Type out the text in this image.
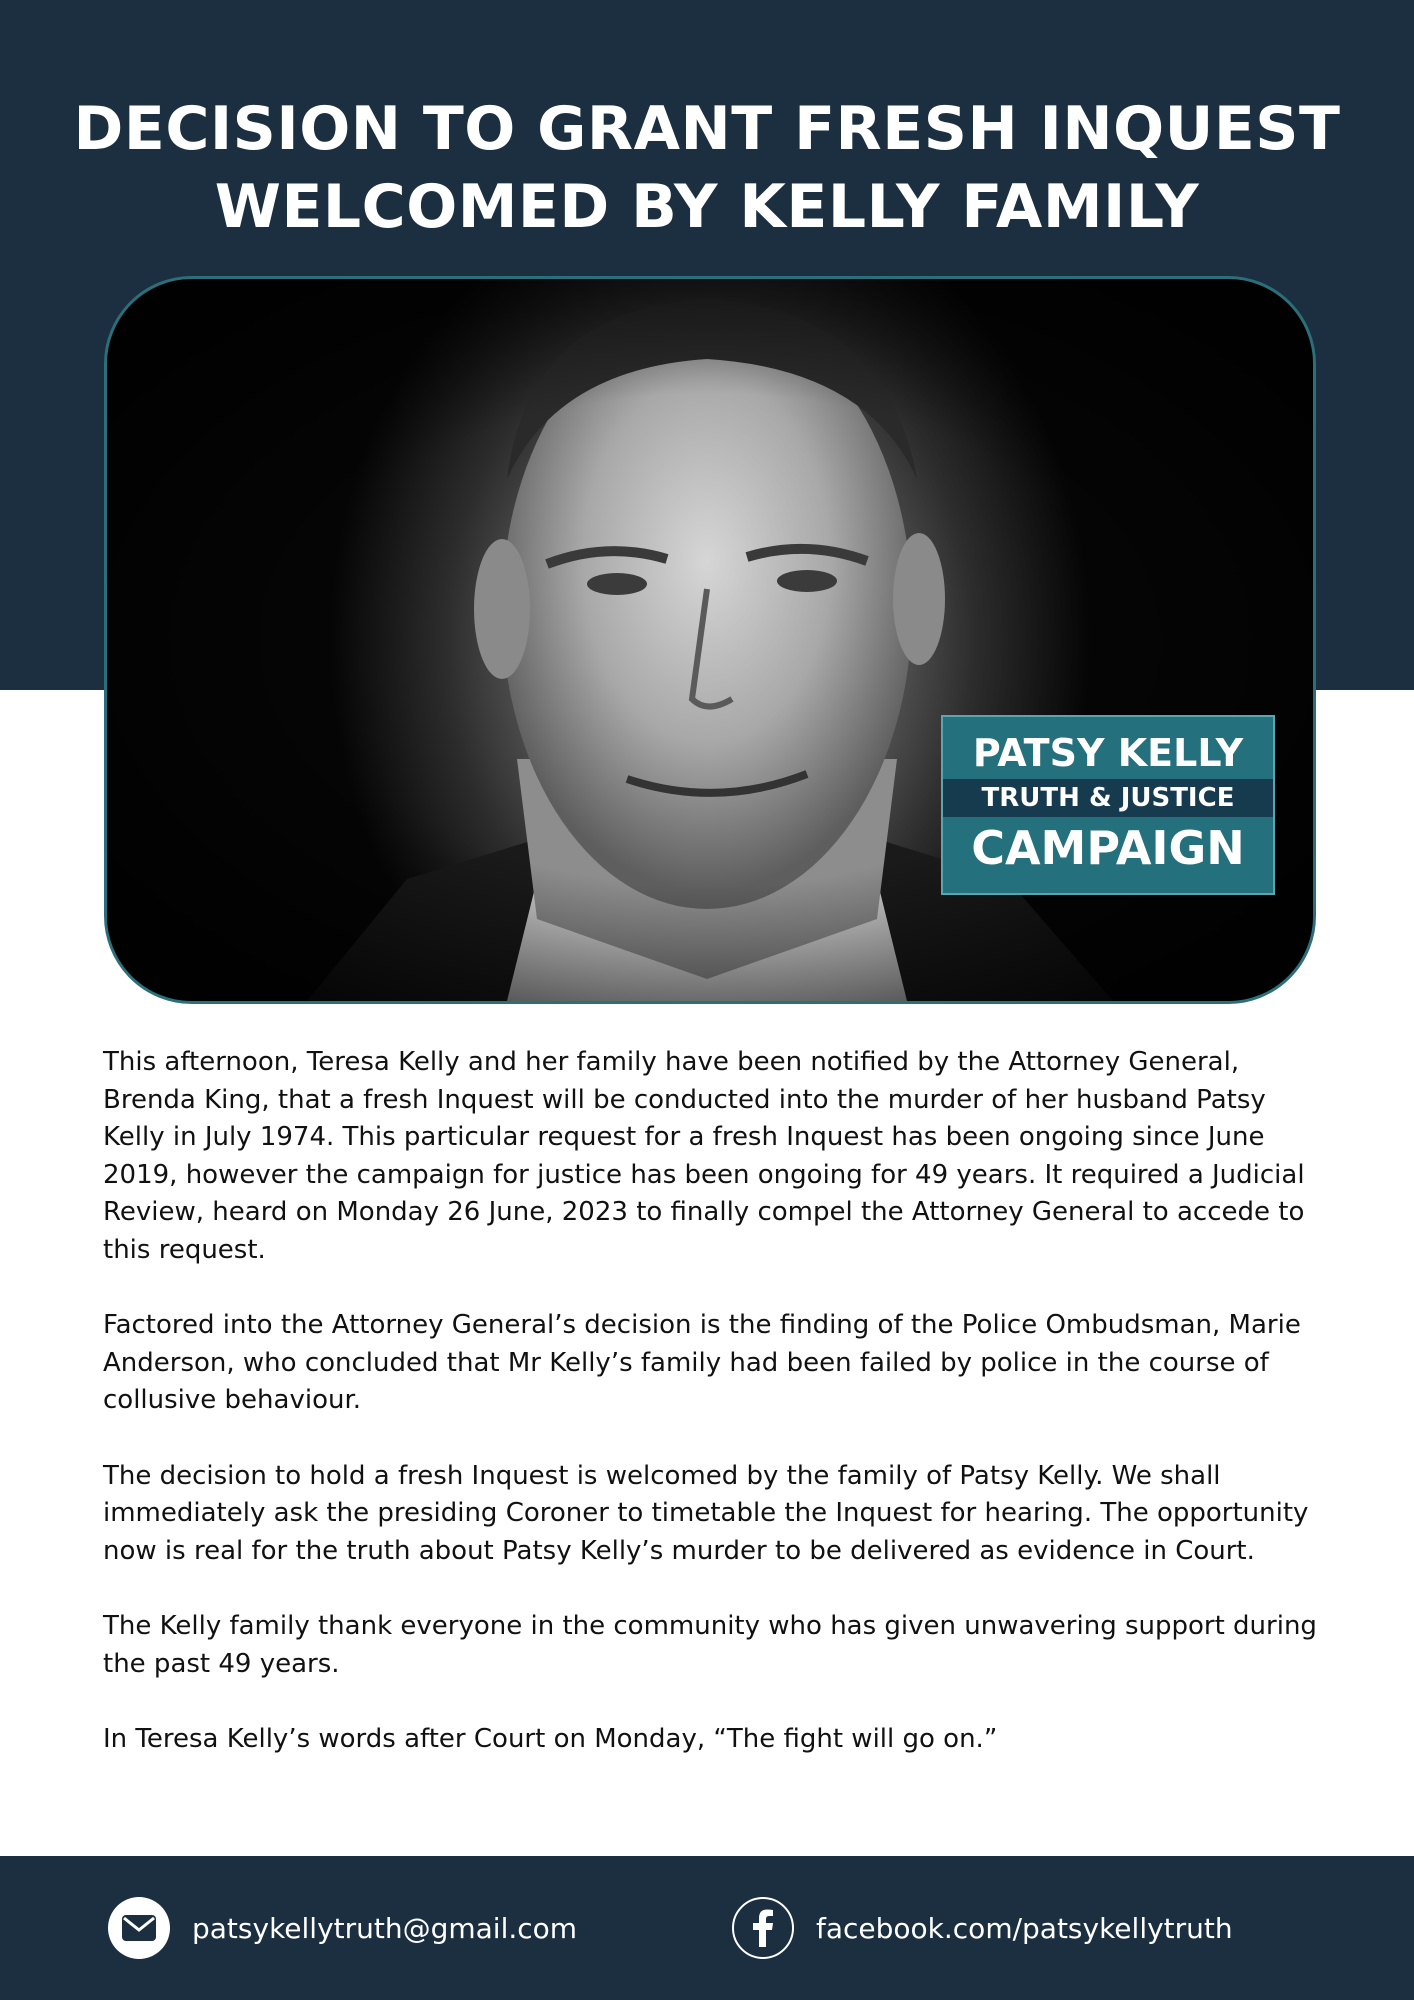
DECISION TO GRANT FRESH INQUEST
WELCOMED BY KELLY FAMILY
PATSY KELLY
TRUTH & JUSTICE
CAMPAIGN

This afternoon, Teresa Kelly and her family have been notified by the Attorney General, Brenda King, that a fresh Inquest will be conducted into the murder of her husband Patsy Kelly in July 1974. This particular request for a fresh Inquest has been ongoing since June 2019, however the campaign for justice has been ongoing for 49 years. It required a Judicial Review, heard on Monday 26 June, 2023 to finally compel the Attorney General to accede to this request.

Factored into the Attorney General’s decision is the finding of the Police Ombudsman, Marie Anderson, who concluded that Mr Kelly’s family had been failed by police in the course of collusive behaviour.

The decision to hold a fresh Inquest is welcomed by the family of Patsy Kelly. We shall immediately ask the presiding Coroner to timetable the Inquest for hearing. The opportunity now is real for the truth about Patsy Kelly’s murder to be delivered as evidence in Court.

The Kelly family thank everyone in the community who has given unwavering support during the past 49 years.

In Teresa Kelly’s words after Court on Monday, “The fight will go on.”

patsykellytruth@gmail.com	facebook.com/patsykellytruth
